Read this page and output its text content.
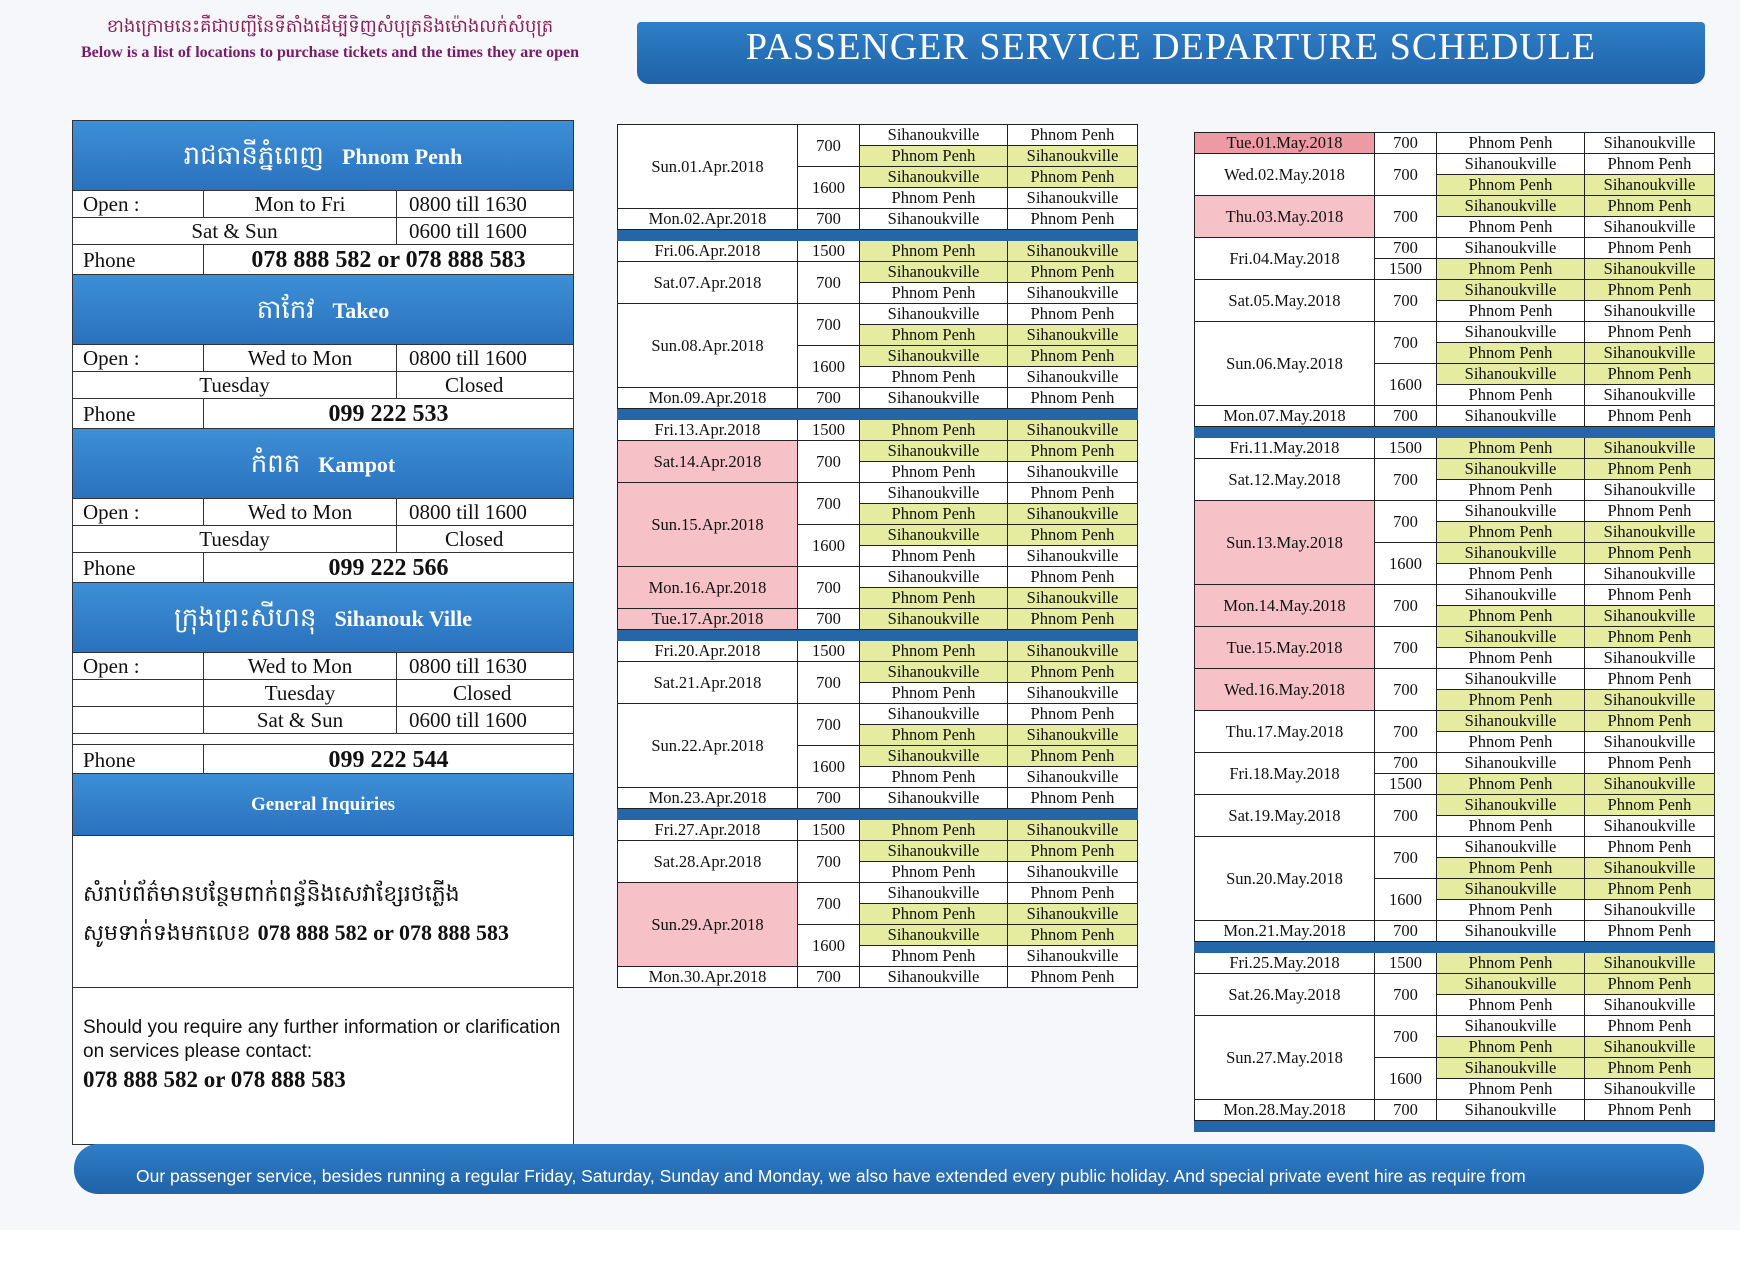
ខាងក្រោមនេះគឺជាបញ្ជីនៃទីតាំងដើម្បីទិញសំបុត្រនិងម៉ោងលក់សំបុត្រ
Below is a list of locations to purchase tickets and the times they are open	PASSENGER SERVICE DEPARTURE SCHEDULE
រាជធានីភ្នំពេញ Phnom Penh
Open :	Mon to Fri	0800 till 1630
Sat & Sun	0600 till 1600
Phone	078 888 582 or 078 888 583
តាកែវ Takeo
Open :	Wed to Mon	0800 till 1600
Tuesday	Closed
Phone	099 222 533
កំពត Kampot
Open :	Wed to Mon	0800 till 1600
Tuesday	Closed
Phone	099 222 566
ក្រុងព្រះសីហនុ Sihanouk Ville
Open :	Wed to Mon	0800 till 1630
Tuesday	Closed
Sat & Sun	0600 till 1600
Phone	099 222 544
General Inquiries
សំរាប់ព័ត៌មានបន្ថែមពាក់ពន្ធ័និងសេវាខ្សែរថភ្លើង
សូមទាក់ទងមកលេខ 078 888 582 or 078 888 583
Should you require any further information or clarification on services please contact:
078 888 582 or 078 888 583
Sun.01.Apr.2018	700	Sihanoukville	Phnom Penh
		Phnom Penh	Sihanoukville
	1600	Sihanoukville	Phnom Penh
		Phnom Penh	Sihanoukville
Mon.02.Apr.2018	700	Sihanoukville	Phnom Penh

Fri.06.Apr.2018	1500	Phnom Penh	Sihanoukville
Sat.07.Apr.2018	700	Sihanoukville	Phnom Penh
		Phnom Penh	Sihanoukville
Sun.08.Apr.2018	700	Sihanoukville	Phnom Penh
		Phnom Penh	Sihanoukville
	1600	Sihanoukville	Phnom Penh
		Phnom Penh	Sihanoukville
Mon.09.Apr.2018	700	Sihanoukville	Phnom Penh

Fri.13.Apr.2018	1500	Phnom Penh	Sihanoukville
Sat.14.Apr.2018	700	Sihanoukville	Phnom Penh
		Phnom Penh	Sihanoukville
Sun.15.Apr.2018	700	Sihanoukville	Phnom Penh
		Phnom Penh	Sihanoukville
	1600	Sihanoukville	Phnom Penh
		Phnom Penh	Sihanoukville
Mon.16.Apr.2018	700	Sihanoukville	Phnom Penh
		Phnom Penh	Sihanoukville
Tue.17.Apr.2018	700	Sihanoukville	Phnom Penh

Fri.20.Apr.2018	1500	Phnom Penh	Sihanoukville
Sat.21.Apr.2018	700	Sihanoukville	Phnom Penh
		Phnom Penh	Sihanoukville
Sun.22.Apr.2018	700	Sihanoukville	Phnom Penh
		Phnom Penh	Sihanoukville
	1600	Sihanoukville	Phnom Penh
		Phnom Penh	Sihanoukville
Mon.23.Apr.2018	700	Sihanoukville	Phnom Penh

Fri.27.Apr.2018	1500	Phnom Penh	Sihanoukville
Sat.28.Apr.2018	700	Sihanoukville	Phnom Penh
		Phnom Penh	Sihanoukville
Sun.29.Apr.2018	700	Sihanoukville	Phnom Penh
		Phnom Penh	Sihanoukville
	1600	Sihanoukville	Phnom Penh
		Phnom Penh	Sihanoukville
Mon.30.Apr.2018	700	Sihanoukville	Phnom Penh
Tue.01.May.2018	700	Phnom Penh	Sihanoukville
Wed.02.May.2018	700	Sihanoukville	Phnom Penh
		Phnom Penh	Sihanoukville
Thu.03.May.2018	700	Sihanoukville	Phnom Penh
		Phnom Penh	Sihanoukville
Fri.04.May.2018	700	Sihanoukville	Phnom Penh
	1500	Phnom Penh	Sihanoukville
Sat.05.May.2018	700	Sihanoukville	Phnom Penh
		Phnom Penh	Sihanoukville
Sun.06.May.2018	700	Sihanoukville	Phnom Penh
		Phnom Penh	Sihanoukville
	1600	Sihanoukville	Phnom Penh
		Phnom Penh	Sihanoukville
Mon.07.May.2018	700	Sihanoukville	Phnom Penh

Fri.11.May.2018	1500	Phnom Penh	Sihanoukville
Sat.12.May.2018	700	Sihanoukville	Phnom Penh
		Phnom Penh	Sihanoukville
Sun.13.May.2018	700	Sihanoukville	Phnom Penh
		Phnom Penh	Sihanoukville
	1600	Sihanoukville	Phnom Penh
		Phnom Penh	Sihanoukville
Mon.14.May.2018	700	Sihanoukville	Phnom Penh
		Phnom Penh	Sihanoukville
Tue.15.May.2018	700	Sihanoukville	Phnom Penh
		Phnom Penh	Sihanoukville
Wed.16.May.2018	700	Sihanoukville	Phnom Penh
		Phnom Penh	Sihanoukville
Thu.17.May.2018	700	Sihanoukville	Phnom Penh
		Phnom Penh	Sihanoukville
Fri.18.May.2018	700	Sihanoukville	Phnom Penh
	1500	Phnom Penh	Sihanoukville
Sat.19.May.2018	700	Sihanoukville	Phnom Penh
		Phnom Penh	Sihanoukville
Sun.20.May.2018	700	Sihanoukville	Phnom Penh
		Phnom Penh	Sihanoukville
	1600	Sihanoukville	Phnom Penh
		Phnom Penh	Sihanoukville
Mon.21.May.2018	700	Sihanoukville	Phnom Penh

Fri.25.May.2018	1500	Phnom Penh	Sihanoukville
Sat.26.May.2018	700	Sihanoukville	Phnom Penh
		Phnom Penh	Sihanoukville
Sun.27.May.2018	700	Sihanoukville	Phnom Penh
		Phnom Penh	Sihanoukville
	1600	Sihanoukville	Phnom Penh
		Phnom Penh	Sihanoukville
Mon.28.May.2018	700	Sihanoukville	Phnom Penh

Our passenger service, besides running a regular Friday, Saturday, Sunday and Monday, we also have extended every public holiday. And special private event hire as require from
